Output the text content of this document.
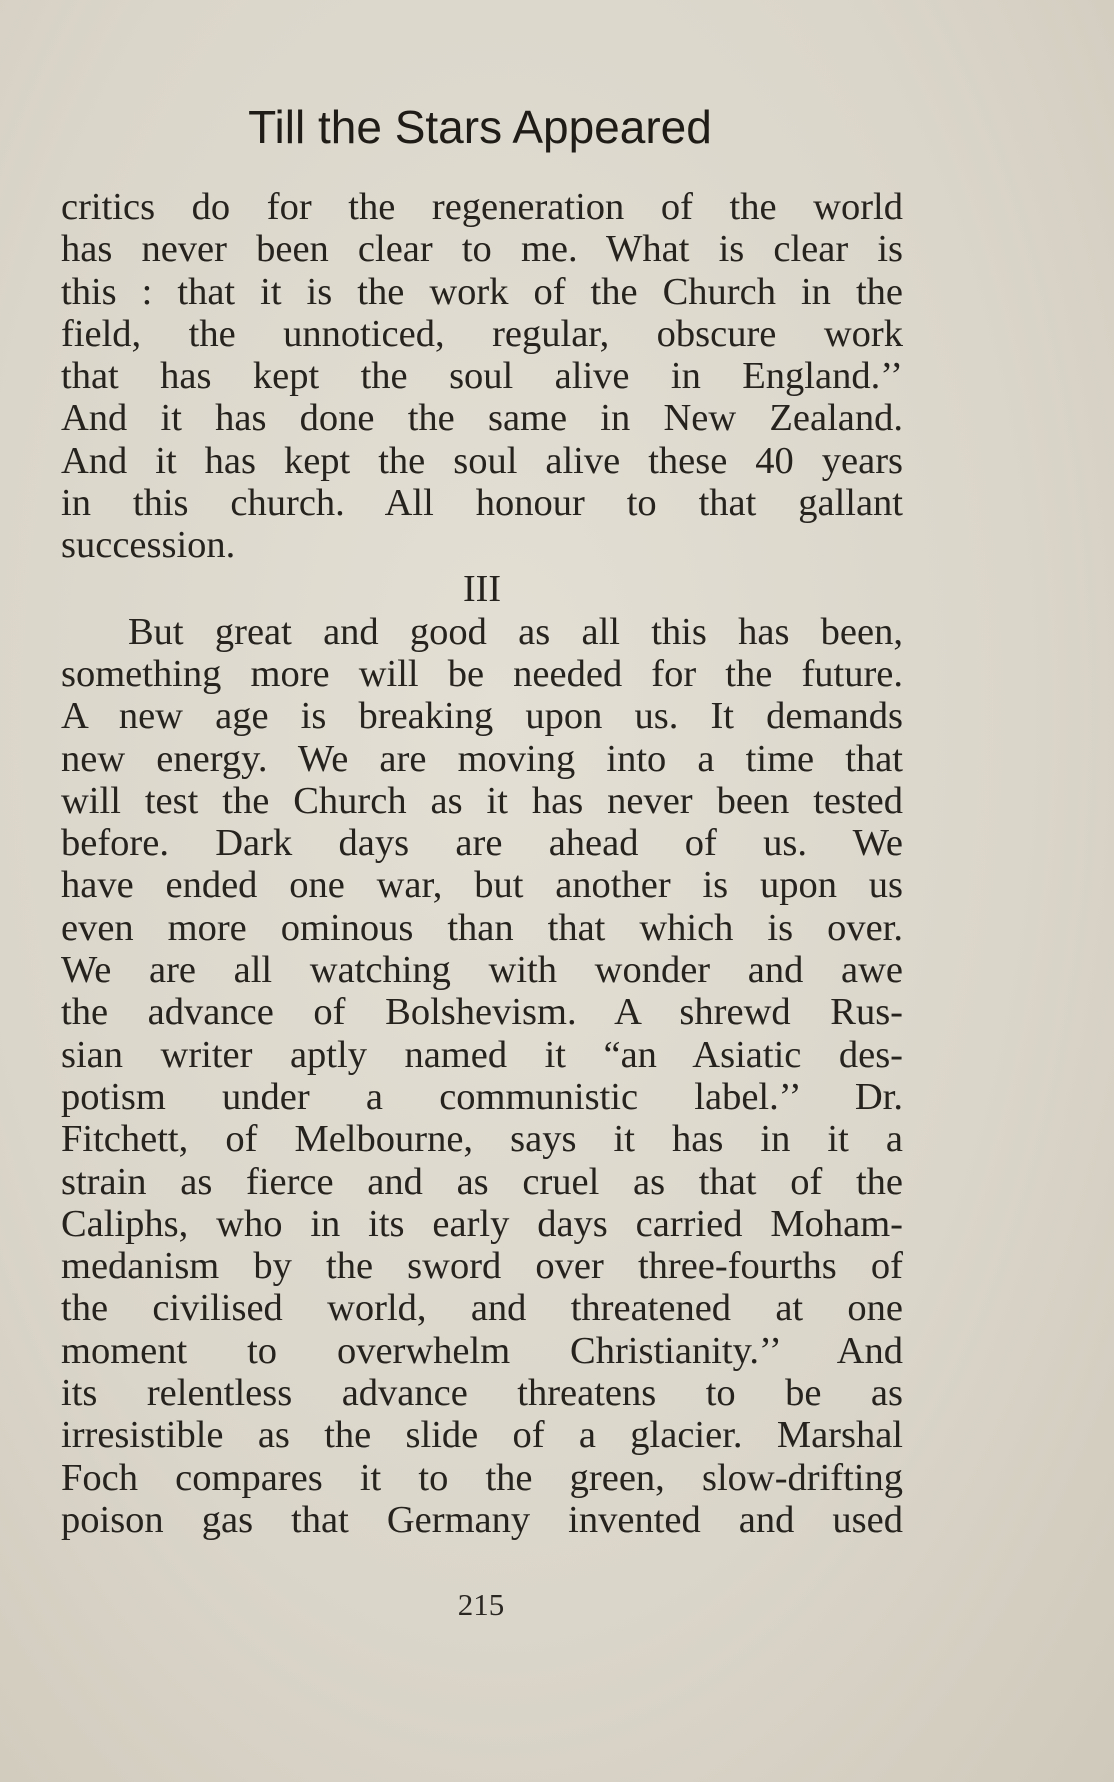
Till the Stars Appeared
critics do for the regeneration of the world
has never been clear to me. What is clear is
this : that it is the work of the Church in the
field, the unnoticed, regular, obscure work
that has kept the soul alive in England.’’
And it has done the same in New Zealand.
And it has kept the soul alive these 40 years
in this church. All honour to that gallant
succession.
III
But great and good as all this has been,
something more will be needed for the future.
A new age is breaking upon us. It demands
new energy. We are moving into a time that
will test the Church as it has never been tested
before. Dark days are ahead of us. We
have ended one war, but another is upon us
even more ominous than that which is over.
We are all watching with wonder and awe
the advance of Bolshevism. A shrewd Rus-
sian writer aptly named it “an Asiatic des-
potism under a communistic label.’’ Dr.
Fitchett, of Melbourne, says it has in it a
strain as fierce and as cruel as that of the
Caliphs, who in its early days carried Moham-
medanism by the sword over three-fourths of
the civilised world, and threatened at one
moment to overwhelm Christianity.’’ And
its relentless advance threatens to be as
irresistible as the slide of a glacier. Marshal
Foch compares it to the green, slow-drifting
poison gas that Germany invented and used
215
